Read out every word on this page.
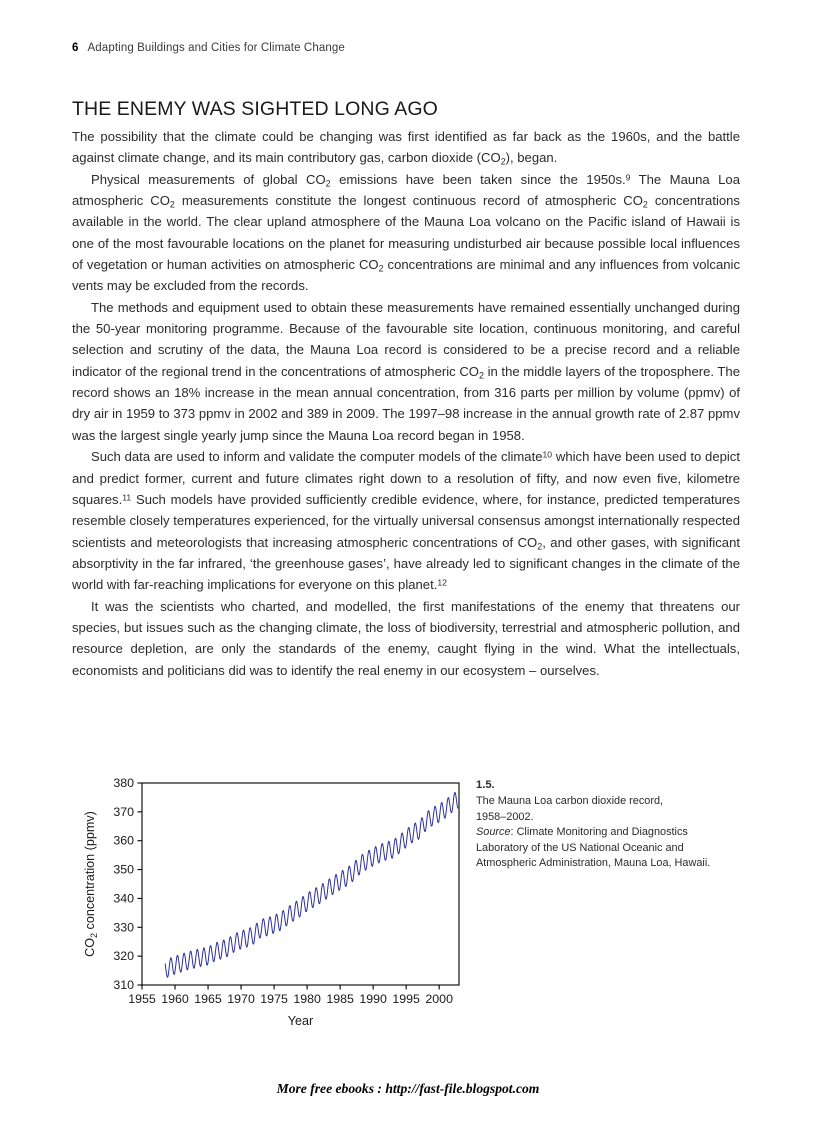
6 Adapting Buildings and Cities for Climate Change
THE ENEMY WAS SIGHTED LONG AGO

The possibility that the climate could be changing was first identified as far back as the 1960s, and the battle against climate change, and its main contributory gas, carbon dioxide $(CO_2)$, began.

Physical measurements of global $CO_2$ emissions have been taken since the 1950s.$^9$ The Mauna Loa atmospheric $CO_2$ measurements constitute the longest continuous record of atmospheric $CO_2$ concentrations available in the world. The clear upland atmosphere of the Mauna Loa volcano on the Pacific island of Hawaii is one of the most favourable locations on the planet for measuring undisturbed air because possible local influences of vegetation or human activities on atmospheric $CO_2$ concentrations are minimal and any influences from volcanic vents may be excluded from the records.

The methods and equipment used to obtain these measurements have remained essentially unchanged during the 50-year monitoring programme. Because of the favourable site location, continuous monitoring, and careful selection and scrutiny of the data, the Mauna Loa record is considered to be a precise record and a reliable indicator of the regional trend in the concentrations of atmospheric $CO_2$ in the middle layers of the troposphere. The record shows an 18% increase in the mean annual concentration, from 316 parts per million by volume (ppmv) of dry air in 1959 to 373 ppmv in 2002 and 389 in 2009. The 1997–98 increase in the annual growth rate of 2.87 ppmv was the largest single yearly jump since the Mauna Loa record began in 1958.

Such data are used to inform and validate the computer models of the climate$^{10}$ which have been used to depict and predict former, current and future climates right down to a resolution of fifty, and now even five, kilometre squares.$^{11}$ Such models have provided sufficiently credible evidence, where, for instance, predicted temperatures resemble closely temperatures experienced, for the virtually universal consensus amongst internationally respected scientists and meteorologists that increasing atmospheric concentrations of $CO_2$, and other gases, with significant absorptivity in the far infrared, ‘the greenhouse gases’, have already led to significant changes in the climate of the world with far-reaching implications for everyone on this planet.$^{12}$

It was the scientists who charted, and modelled, the first manifestations of the enemy that threatens our species, but issues such as the changing climate, the loss of biodiversity, terrestrial and atmospheric pollution, and resource depletion, are only the standards of the enemy, caught flying in the wind. What the intellectuals, economists and politicians did was to identify the real enemy in our ecosystem – ourselves.

310
320
330
340
350
360
370
380
1955 1960 1965 1970 1975 1980 1985 1990 1995 2000
Year
$CO_2$ concentration (ppmv)
1.5.

The Mauna Loa carbon dioxide record,

1958–2002.

Source: Climate Monitoring and Diagnostics Laboratory of the US National Oceanic and Atmospheric Administration, Mauna Loa, Hawaii.

More free ebooks : http://fast-file.blogspot.com
